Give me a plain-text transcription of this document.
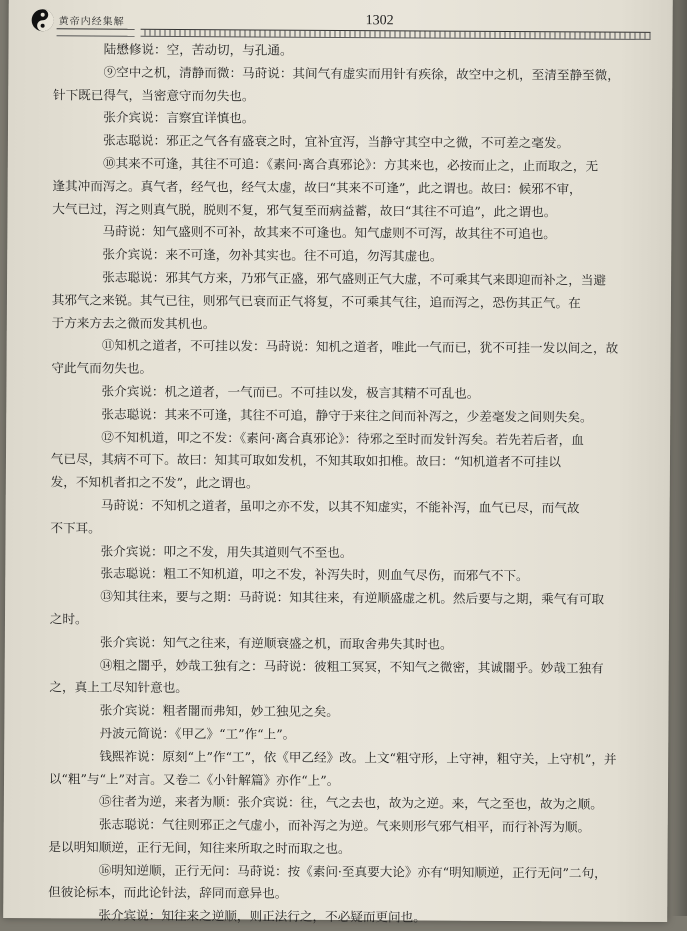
黄帝内经集解	1302
陆懋修说：空，苦动切，与孔通。
⑨空中之机，清静而微：马莳说：其间气有虚实而用针有疾徐，故空中之机，至清至静至微，
针下既已得气，当密意守而勿失也。
张介宾说：言察宜详慎也。
张志聪说：邪正之气各有盛衰之时，宜补宜泻，当静守其空中之微，不可差之毫发。
⑩其来不可逢，其往不可追：《素问·离合真邪论》：方其来也，必按而止之，止而取之，无
逢其冲而泻之。真气者，经气也，经气太虚，故曰“其来不可逢”，此之谓也。故曰：候邪不审，
大气已过，泻之则真气脱，脱则不复，邪气复至而病益蓄，故曰“其往不可追”，此之谓也。
马莳说：知气盛则不可补，故其来不可逢也。知气虚则不可泻，故其往不可追也。
张介宾说：来不可逢，勿补其实也。往不可追，勿泻其虚也。
张志聪说：邪其气方来，乃邪气正盛，邪气盛则正气大虚，不可乘其气来即迎而补之，当避
其邪气之来锐。其气已往，则邪气已衰而正气将复，不可乘其气往，追而泻之，恐伤其正气。在
于方来方去之微而发其机也。
⑪知机之道者，不可挂以发：马莳说：知机之道者，唯此一气而已，犹不可挂一发以间之，故
守此气而勿失也。
张介宾说：机之道者，一气而已。不可挂以发，极言其精不可乱也。
张志聪说：其来不可逢，其往不可追，静守于来往之间而补泻之，少差毫发之间则失矣。
⑫不知机道，叩之不发：《素问·离合真邪论》：待邪之至时而发针泻矣。若先若后者，血
气已尽，其病不可下。故曰：知其可取如发机，不知其取如扣椎。故曰：“知机道者不可挂以
发，不知机者扣之不发”，此之谓也。
马莳说：不知机之道者，虽叩之亦不发，以其不知虚实，不能补泻，血气已尽，而气故
不下耳。
张介宾说：叩之不发，用失其道则气不至也。
张志聪说：粗工不知机道，叩之不发，补泻失时，则血气尽伤，而邪气不下。
⑬知其往来，要与之期：马莳说：知其往来，有逆顺盛虚之机。然后要与之期，乘气有可取
之时。
张介宾说：知气之往来，有逆顺衰盛之机，而取舍弗失其时也。
⑭粗之闇乎，妙哉工独有之：马莳说：彼粗工冥冥，不知气之微密，其诚闇乎。妙哉工独有
之，真上工尽知针意也。
张介宾说：粗者闇而弗知，妙工独见之矣。
丹波元简说：《甲乙》“工”作“上”。
钱熙祚说：原刻“上”作“工”，依《甲乙经》改。上文“粗守形，上守神，粗守关，上守机”，并
以“粗”与“上”对言。又卷二《小针解篇》亦作“上”。
⑮往者为逆，来者为顺：张介宾说：往，气之去也，故为之逆。来，气之至也，故为之顺。
张志聪说：气往则邪正之气虚小，而补泻之为逆。气来则形气邪气相平，而行补泻为顺。
是以明知顺逆，正行无间，知往来所取之时而取之也。
⑯明知逆顺，正行无问：马莳说：按《素问·至真要大论》亦有“明知顺逆，正行无问”二句，
但彼论标本，而此论针法，辞同而意异也。
张介宾说：知往来之逆顺，则正法行之，不必疑而更问也。
